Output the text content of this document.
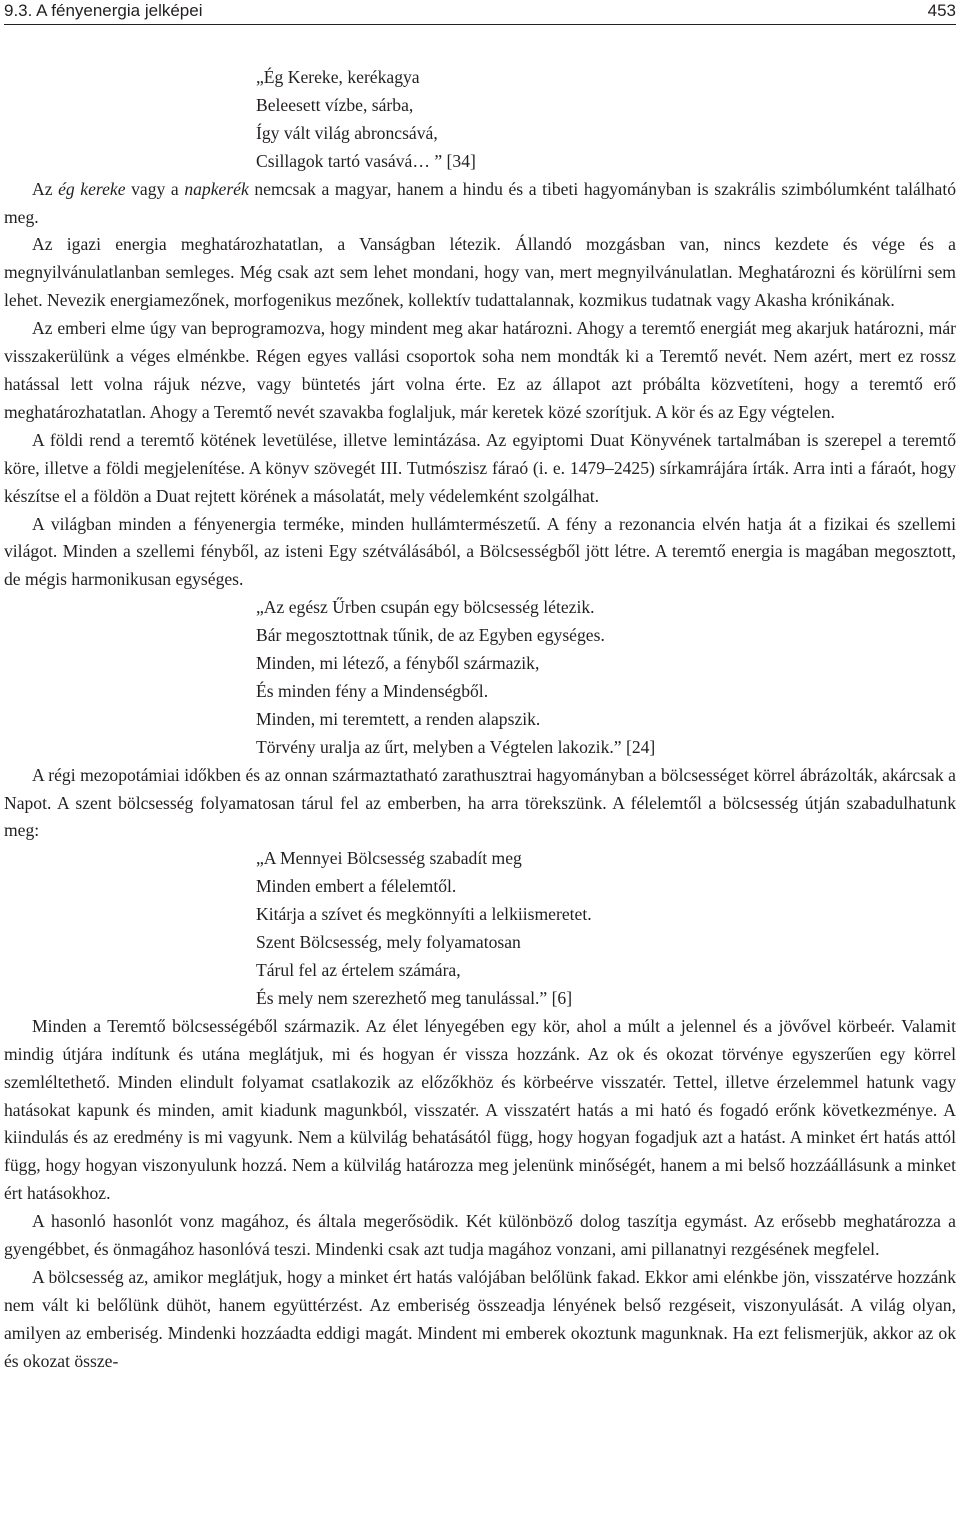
9.3. A fényenergia jelképei	453
„Ég Kereke, kerékagya
Beleesett vízbe, sárba,
Így vált világ abroncsává,
Csillagok tartó vasává… ” [34]

Az ég kereke vagy a napkerék nemcsak a magyar, hanem a hindu és a tibeti hagyományban is szakrális szimbólumként található meg.

Az igazi energia meghatározhatatlan, a Vanságban létezik. Állandó mozgásban van, nincs kezdete és vége és a megnyilvánulatlanban semleges. Még csak azt sem lehet mondani, hogy van, mert megnyilvánulatlan. Meghatározni és körülírni sem lehet. Nevezik energiamezőnek, morfogenikus mezőnek, kollektív tudattalannak, kozmikus tudatnak vagy Akasha krónikának.

Az emberi elme úgy van beprogramozva, hogy mindent meg akar határozni. Ahogy a teremtő energiát meg akarjuk határozni, már visszakerülünk a véges elménkbe. Régen egyes vallási csoportok soha nem mondták ki a Teremtő nevét. Nem azért, mert ez rossz hatással lett volna rájuk nézve, vagy büntetés járt volna érte. Ez az állapot azt próbálta közvetíteni, hogy a teremtő erő meghatározhatatlan. Ahogy a Teremtő nevét szavakba foglaljuk, már keretek közé szorítjuk. A kör és az Egy végtelen.

A földi rend a teremtő kötének levetülése, illetve lemintázása. Az egyiptomi Duat Könyvének tartalmában is szerepel a teremtő köre, illetve a földi megjelenítése. A könyv szövegét III. Tutmószisz fáraó (i. e. 1479–2425) sírkamrájára írták. Arra inti a fáraót, hogy készítse el a földön a Duat rejtett körének a másolatát, mely védelemként szolgálhat.

A világban minden a fényenergia terméke, minden hullámtermészetű. A fény a rezonancia elvén hatja át a fizikai és szellemi világot. Minden a szellemi fényből, az isteni Egy szétválásából, a Bölcsességből jött létre. A teremtő energia is magában megosztott, de mégis harmonikusan egységes.

„Az egész Űrben csupán egy bölcsesség létezik.
Bár megosztottnak tűnik, de az Egyben egységes.
Minden, mi létező, a fényből származik,
És minden fény a Mindenségből.
Minden, mi teremtett, a renden alapszik.
Törvény uralja az űrt, melyben a Végtelen lakozik.” [24]

A régi mezopotámiai időkben és az onnan származtatható zarathusztrai hagyományban a bölcsességet körrel ábrázolták, akárcsak a Napot. A szent bölcsesség folyamatosan tárul fel az emberben, ha arra törekszünk. A félelemtől a bölcsesség útján szabadulhatunk meg:

„A Mennyei Bölcsesség szabadít meg
Minden embert a félelemtől.
Kitárja a szívet és megkönnyíti a lelkiismeretet.
Szent Bölcsesség, mely folyamatosan
Tárul fel az értelem számára,
És mely nem szerezhető meg tanulással.” [6]

Minden a Teremtő bölcsességéből származik. Az élet lényegében egy kör, ahol a múlt a jelennel és a jövővel körbeér. Valamit mindig útjára indítunk és utána meglátjuk, mi és hogyan ér vissza hozzánk. Az ok és okozat törvénye egyszerűen egy körrel szemléltethető. Minden elindult folyamat csatlakozik az előzőkhöz és körbeérve visszatér. Tettel, illetve érzelemmel hatunk vagy hatásokat kapunk és minden, amit kiadunk magunkból, visszatér. A visszatért hatás a mi ható és fogadó erőnk következménye. A kiindulás és az eredmény is mi vagyunk. Nem a külvilág behatásától függ, hogy hogyan fogadjuk azt a hatást. A minket ért hatás attól függ, hogy hogyan viszonyulunk hozzá. Nem a külvilág határozza meg jelenünk minőségét, hanem a mi belső hozzáállásunk a minket ért hatásokhoz.

A hasonló hasonlót vonz magához, és általa megerősödik. Két különböző dolog taszítja egymást. Az erősebb meghatározza a gyengébbet, és önmagához hasonlóvá teszi. Mindenki csak azt tudja magához vonzani, ami pillanatnyi rezgésének megfelel.

A bölcsesség az, amikor meglátjuk, hogy a minket ért hatás valójában belőlünk fakad. Ekkor ami elénkbe jön, visszatérve hozzánk nem vált ki belőlünk dühöt, hanem együttérzést. Az emberiség összeadja lényének belső rezgéseit, viszonyulását. A világ olyan, amilyen az emberiség. Mindenki hozzáadta eddigi magát. Mindent mi emberek okoztunk magunknak. Ha ezt felismerjük, akkor az ok és okozat össze-
